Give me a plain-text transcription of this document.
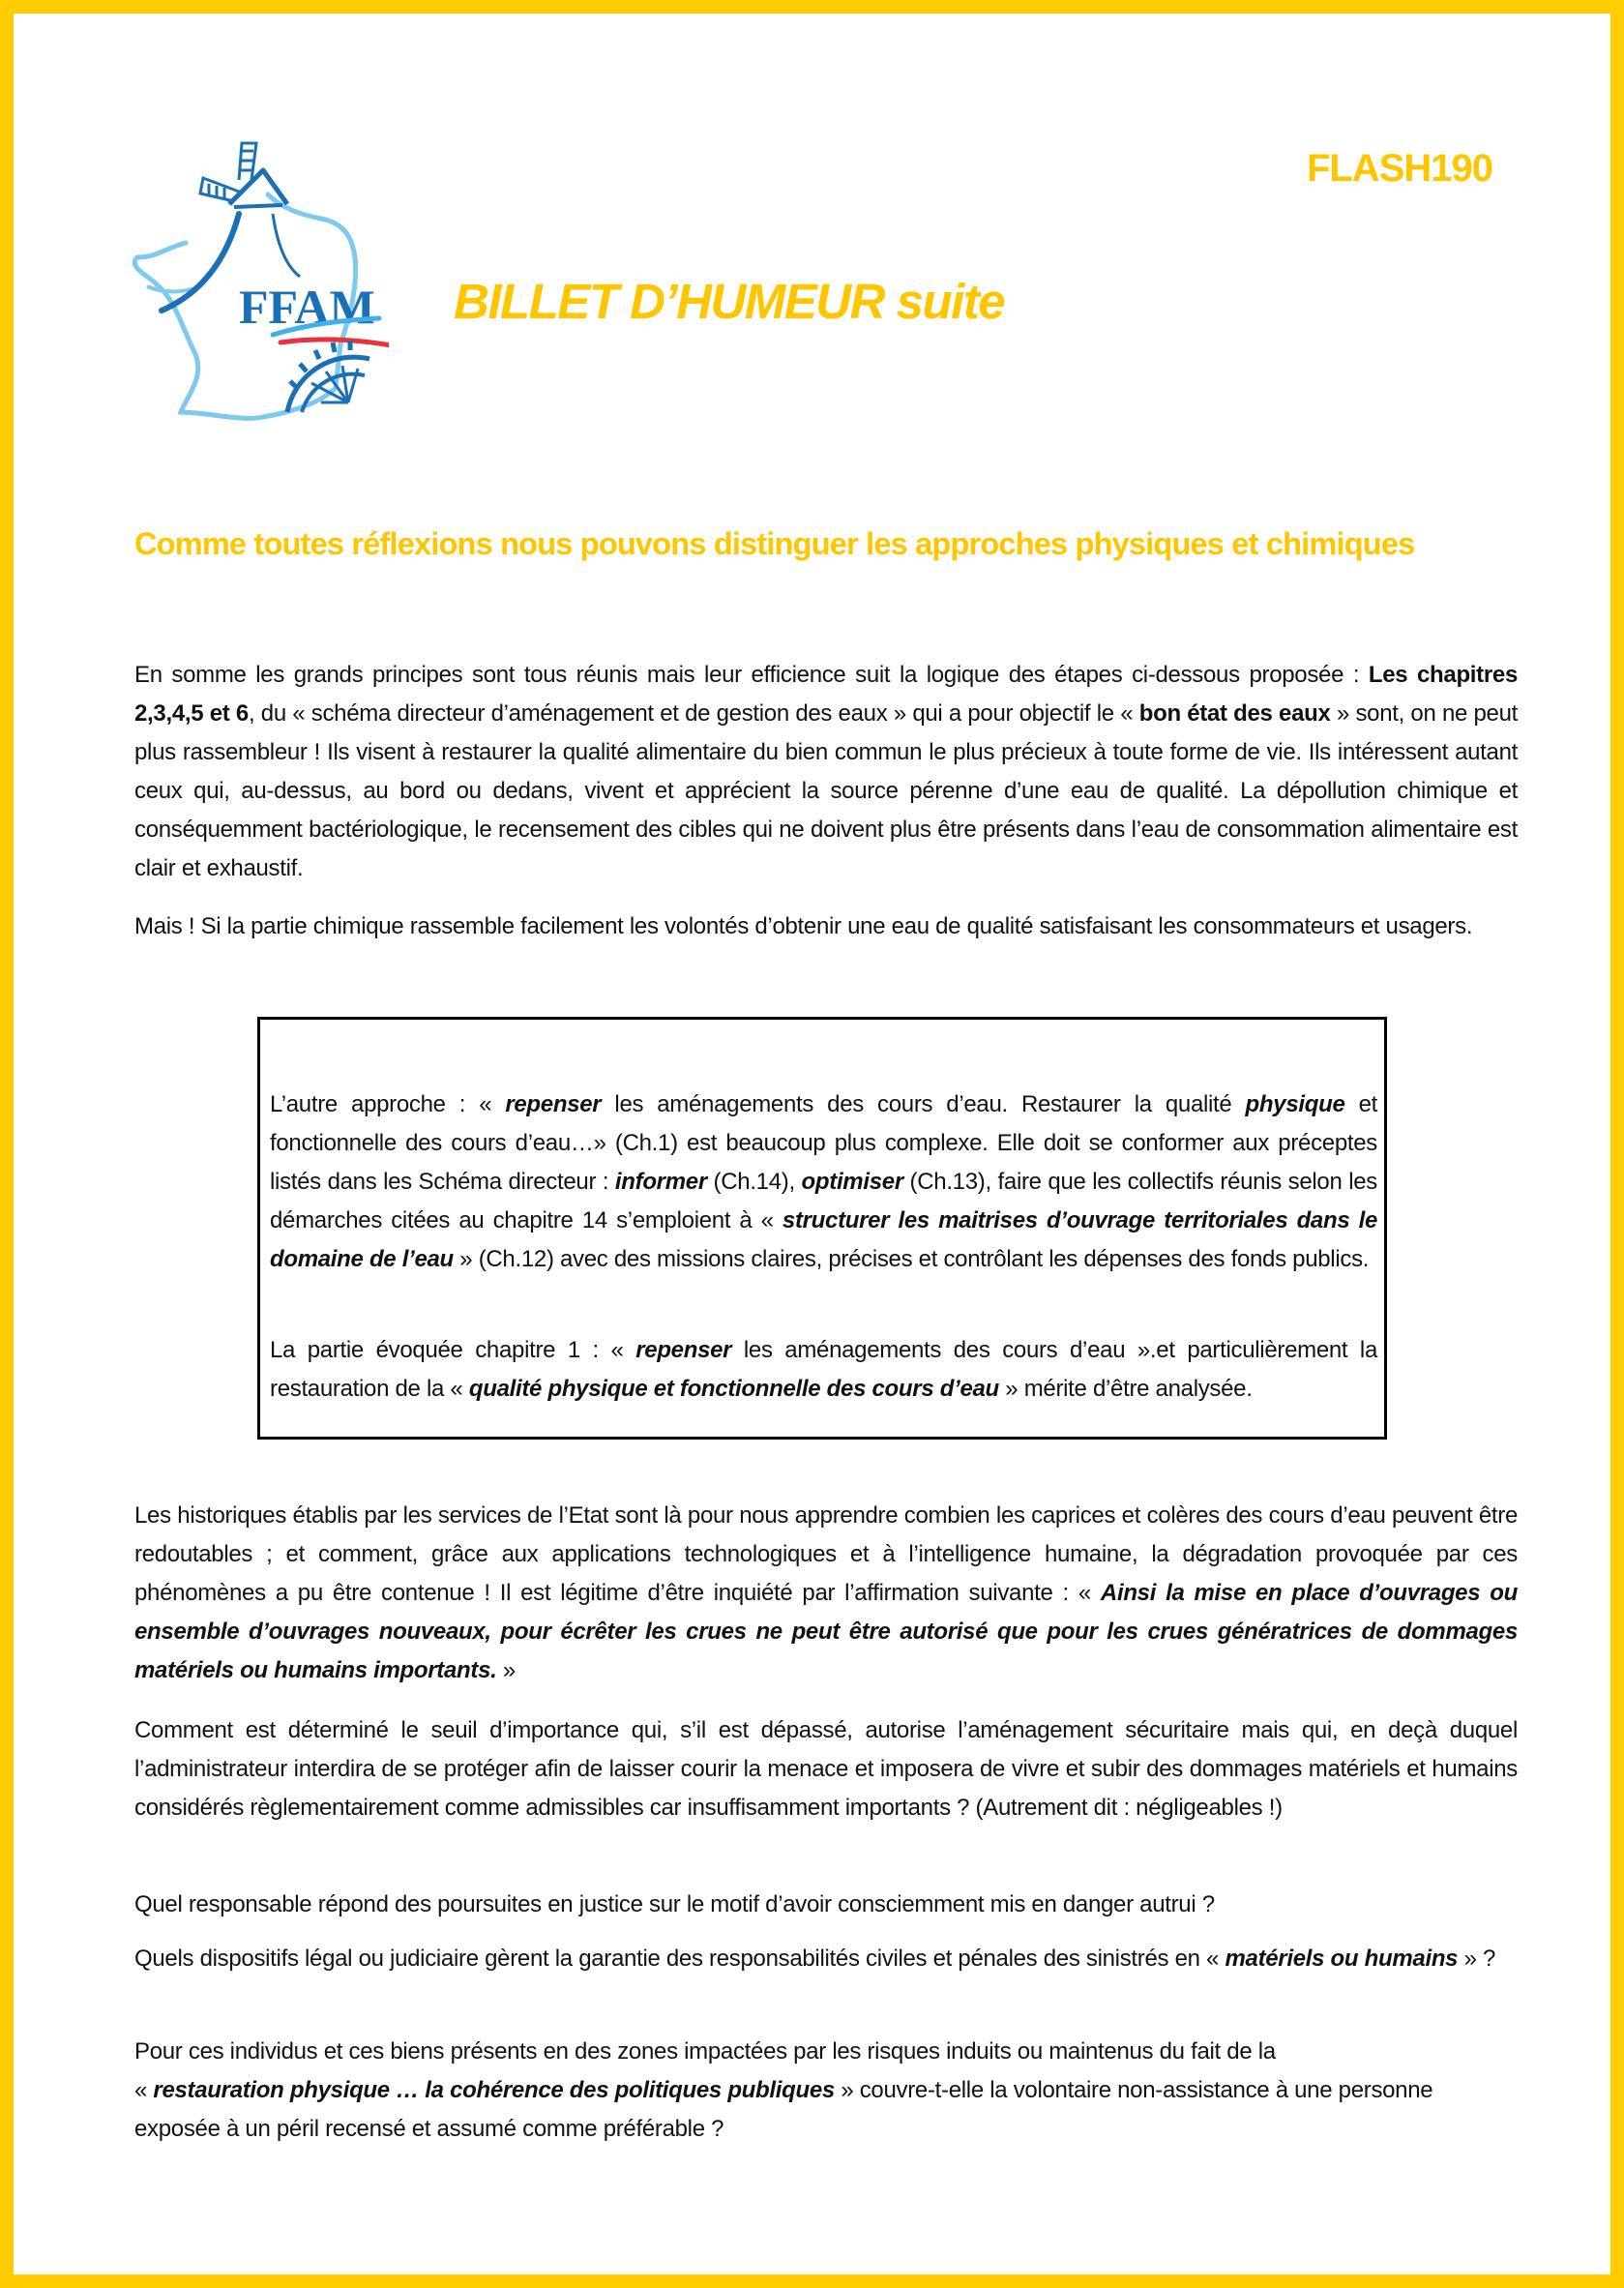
FFAM
FLASH190
BILLET D’HUMEUR suite
Comme toutes réflexions nous pouvons distinguer les approches physiques et chimiques
En somme les grands principes sont tous réunis mais leur efficience suit la logique des étapes ci-dessous proposée : Les chapitres 2,3,4,5 et 6, du « schéma directeur d’aménagement et de gestion des eaux » qui a pour objectif le « bon état des eaux » sont, on ne peut plus rassembleur ! Ils visent à restaurer la qualité alimentaire du bien commun le plus précieux à toute forme de vie. Ils intéressent autant ceux qui, au-dessus, au bord ou dedans, vivent et apprécient la source pérenne d’une eau de qualité. La dépollution chimique et conséquemment bactériologique, le recensement des cibles qui ne doivent plus être présents dans l’eau de consommation alimentaire est clair et exhaustif.
Mais ! Si la partie chimique rassemble facilement les volontés d’obtenir une eau de qualité satisfaisant les consommateurs et usagers.
L’autre approche : « repenser les aménagements des cours d’eau. Restaurer la qualité physique et fonctionnelle des cours d’eau…» (Ch.1) est beaucoup plus complexe. Elle doit se conformer aux préceptes listés dans les Schéma directeur : informer (Ch.14), optimiser (Ch.13), faire que les collectifs réunis selon les démarches citées au chapitre 14 s’emploient à « structurer les maitrises d’ouvrage territoriales dans le domaine de l’eau » (Ch.12) avec des missions claires, précises et contrôlant les dépenses des fonds publics.
La partie évoquée chapitre 1 : « repenser les aménagements des cours d’eau ».et particulièrement la restauration de la « qualité physique et fonctionnelle des cours d’eau » mérite d’être analysée.
Les historiques établis par les services de l’Etat sont là pour nous apprendre combien les caprices et colères des cours d’eau peuvent être redoutables ; et comment, grâce aux applications technologiques et à l’intelligence humaine, la dégradation provoquée par ces phénomènes a pu être contenue ! Il est légitime d’être inquiété par l’affirmation suivante : « Ainsi la mise en place d’ouvrages ou ensemble d’ouvrages nouveaux, pour écrêter les crues ne peut être autorisé que pour les crues génératrices de dommages matériels ou humains importants. »
Comment est déterminé le seuil d’importance qui, s’il est dépassé, autorise l’aménagement sécuritaire mais qui, en deçà duquel l’administrateur interdira de se protéger afin de laisser courir la menace et imposera de vivre et subir des dommages matériels et humains considérés règlementairement comme admissibles car insuffisamment importants ? (Autrement dit : négligeables !)
Quel responsable répond des poursuites en justice sur le motif d’avoir consciemment mis en danger autrui ?
Quels dispositifs légal ou judiciaire gèrent la garantie des responsabilités civiles et pénales des sinistrés en « matériels ou humains » ?
Pour ces individus et ces biens présents en des zones impactées par les risques induits ou maintenus du fait de la
« restauration physique … la cohérence des politiques publiques » couvre-t-elle la volontaire non-assistance à une personne exposée à un péril recensé et assumé comme préférable ?
